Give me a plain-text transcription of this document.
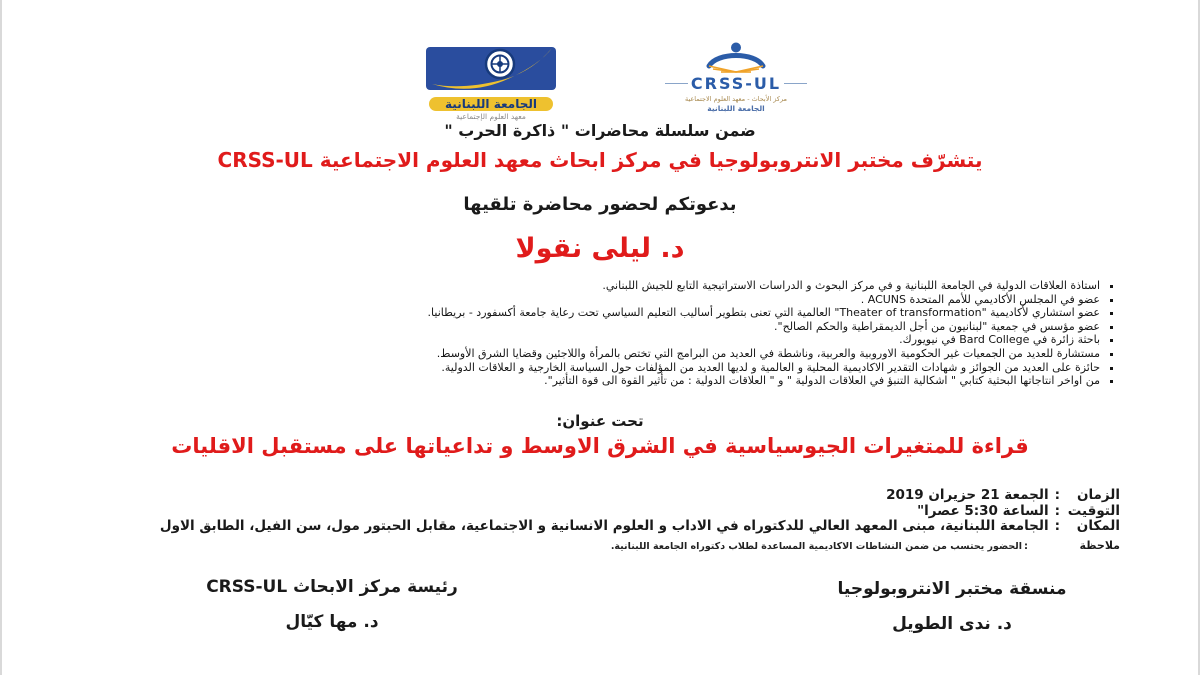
الجامعة اللبنانية
معهد العلوم الإجتماعية
CRSS-UL
مركز الأبحاث - معهد العلوم الاجتماعية
الجامعة اللبنانية
ضمن سلسلة محاضرات " ذاكرة الحرب "
يتشرّف مختبر الانتروبولوجيا في مركز ابحاث معهد العلوم الاجتماعية CRSS-UL
بدعوتكم لحضور محاضرة تلقيها
د. ليلى نقولا
▪ استاذة العلاقات الدولية في الجامعة اللبنانية و في مركز البحوث و الدراسات الاستراتيجية التابع للجيش اللبناني.
▪ عضو في المجلس الأكاديمي للأمم المتحدة ACUNS .
▪ عضو استشاري لأكاديمية "Theater of transformation" العالمية التي تعنى بتطوير أساليب التعليم السياسي تحت رعاية جامعة أكسفورد - بريطانيا.
▪ عضو مؤسس في جمعية "لبنانيون من أجل الديمقراطية والحكم الصالح".
▪ باحثة زائرة في Bard College في نيويورك.
▪ مستشارة للعديد من الجمعيات غير الحكومية الاوروبية والعربية، وناشطة في العديد من البرامج التي تختص بالمرأة واللاجئين وقضايا الشرق الأوسط.
▪ حائزة على العديد من الجوائز و شهادات التقدير الاكاديمية المحلية و العالمية و لديها العديد من المؤلفات حول السياسة الخارجية و العلاقات الدولية.
▪ من اواخر انتاجاتها البحثية كتابي " اشكالية التنبؤ في العلاقات الدولية " و " العلاقات الدولية : من تأثير القوة الى قوة التأثير".
تحت عنوان:
قراءة للمتغيرات الجيوسياسية في الشرق الاوسط و تداعياتها على مستقبل الاقليات
الزمان:الجمعة 21 حزيران 2019
التوقيت:الساعة 5:30 عصرا"
المكان:الجامعة اللبنانية، مبنى المعهد العالي للدكتوراه في الاداب و العلوم الانسانية و الاجتماعية، مقابل الحبتور مول، سن الفيل، الطابق الاول
ملاحظة:الحضور يحتسب من ضمن النشاطات الاكاديمية المساعدة لطلاب دكتوراه الجامعة اللبنانية.
منسقة مختبر الانتروبولوجيا
د. ندى الطويل
رئيسة مركز الابحاث CRSS-UL
د. مها كيّال
